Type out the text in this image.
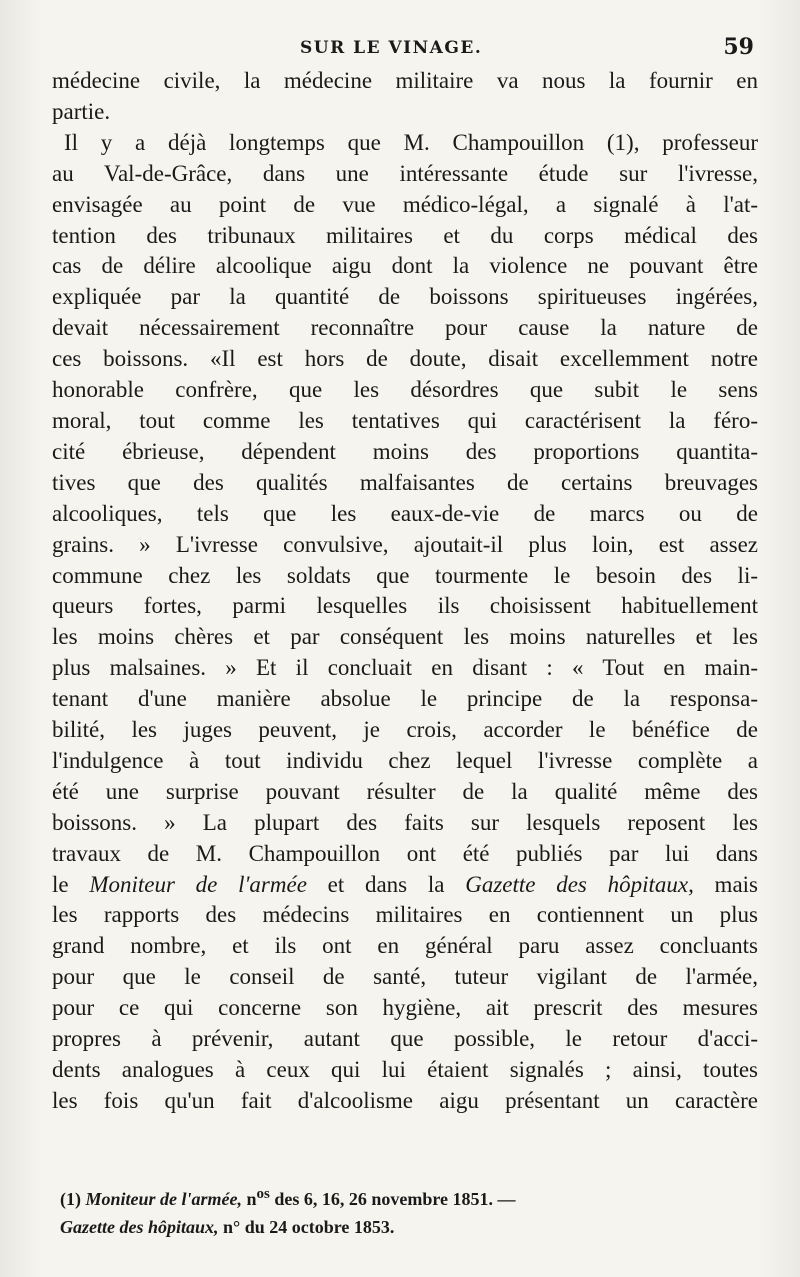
SUR LE VINAGE.	59
médecine civile, la médecine militaire va nous la fournir en
partie.
Il y a déjà longtemps que M. Champouillon (1), professeur
au Val-de-Grâce, dans une intéressante étude sur l'ivresse,
envisagée au point de vue médico-légal, a signalé à l'at-
tention des tribunaux militaires et du corps médical des
cas de délire alcoolique aigu dont la violence ne pouvant être
expliquée par la quantité de boissons spiritueuses ingérées,
devait nécessairement reconnaître pour cause la nature de
ces boissons. «Il est hors de doute, disait excellemment notre
honorable confrère, que les désordres que subit le sens
moral, tout comme les tentatives qui caractérisent la féro-
cité ébrieuse, dépendent moins des proportions quantita-
tives que des qualités malfaisantes de certains breuvages
alcooliques, tels que les eaux-de-vie de marcs ou de
grains. » L'ivresse convulsive, ajoutait-il plus loin, est assez
commune chez les soldats que tourmente le besoin des li-
queurs fortes, parmi lesquelles ils choisissent habituellement
les moins chères et par conséquent les moins naturelles et les
plus malsaines. » Et il concluait en disant : « Tout en main-
tenant d'une manière absolue le principe de la responsa-
bilité, les juges peuvent, je crois, accorder le bénéfice de
l'indulgence à tout individu chez lequel l'ivresse complète a
été une surprise pouvant résulter de la qualité même des
boissons. » La plupart des faits sur lesquels reposent les
travaux de M. Champouillon ont été publiés par lui dans
le Moniteur de l'armée et dans la Gazette des hôpitaux, mais
les rapports des médecins militaires en contiennent un plus
grand nombre, et ils ont en général paru assez concluants
pour que le conseil de santé, tuteur vigilant de l'armée,
pour ce qui concerne son hygiène, ait prescrit des mesures
propres à prévenir, autant que possible, le retour d'acci-
dents analogues à ceux qui lui étaient signalés ; ainsi, toutes
les fois qu'un fait d'alcoolisme aigu présentant un caractère
(1) Moniteur de l'armée, $n^{os}$ des 6, 16, 26 novembre 1851. —
Gazette des hôpitaux, n° du 24 octobre 1853.
